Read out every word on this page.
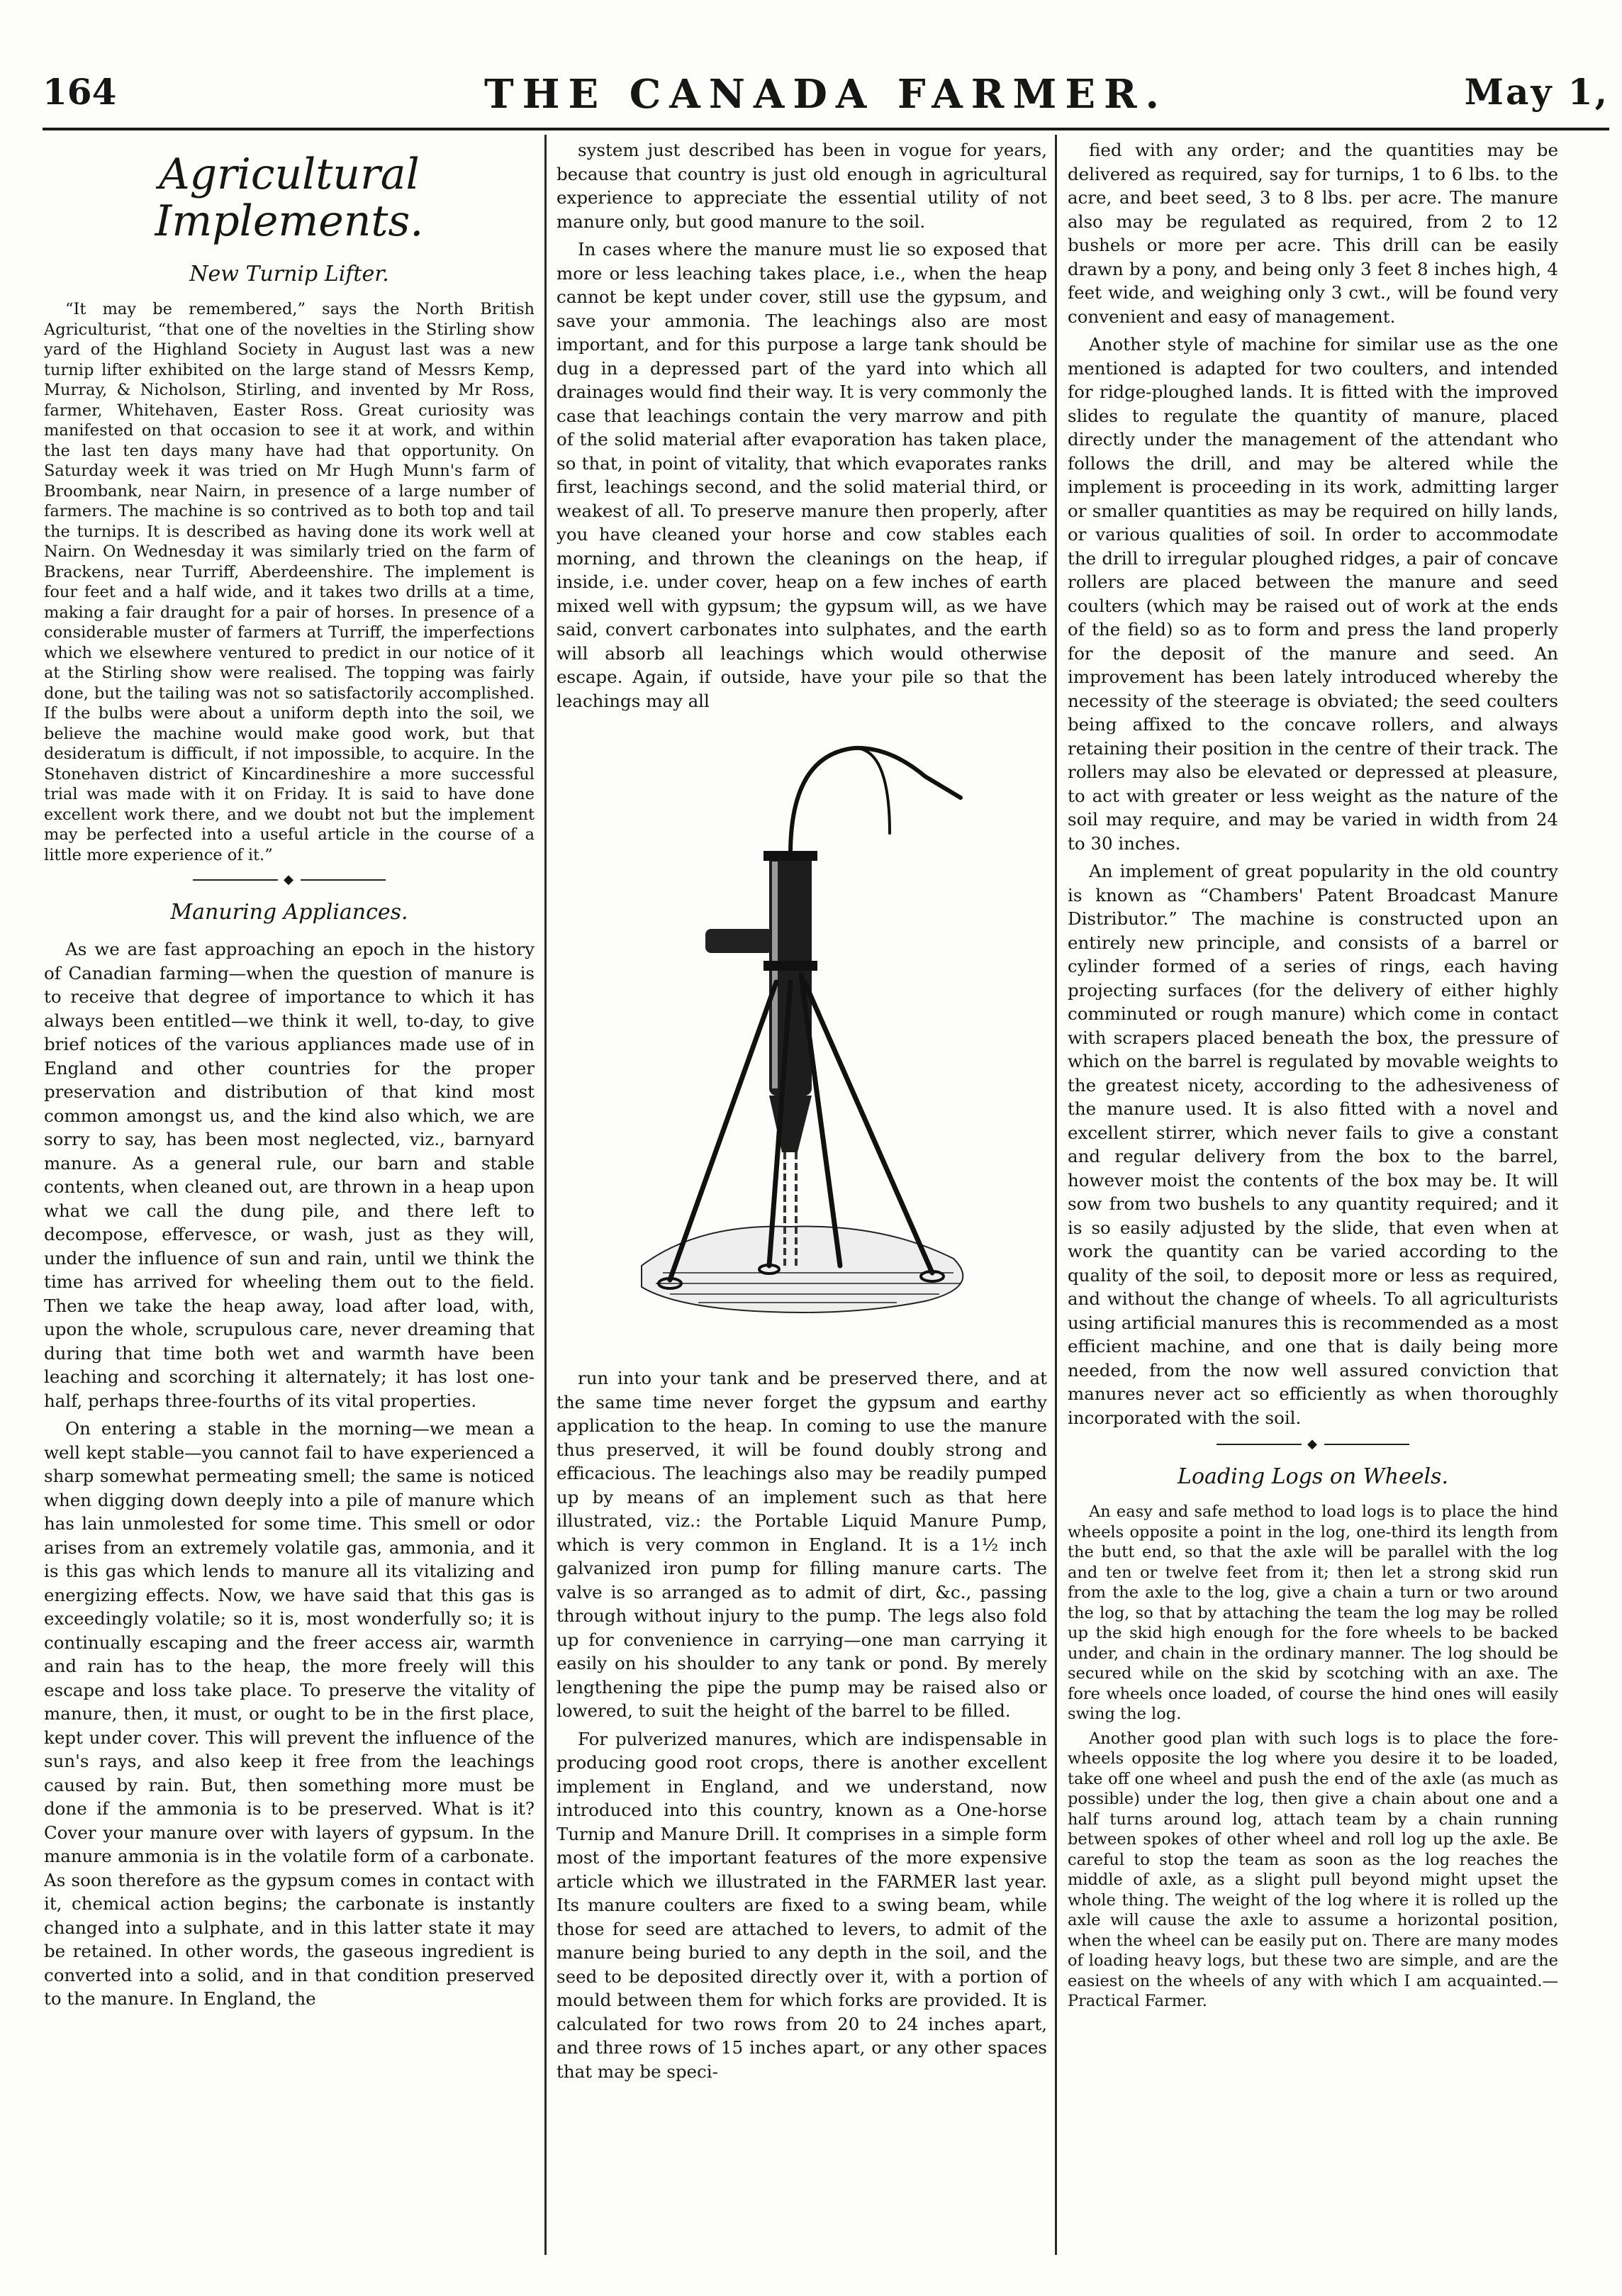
164	THE CANADA FARMER.	May 1,
Agricultural Implements.
New Turnip Lifter.

“It may be remembered,” says the North British Agriculturist, “that one of the novelties in the Stirling show yard of the Highland Society in August last was a new turnip lifter exhibited on the large stand of Messrs Kemp, Murray, & Nicholson, Stirling, and invented by Mr Ross, farmer, Whitehaven, Easter Ross. Great curiosity was manifested on that occasion to see it at work, and within the last ten days many have had that opportunity. On Saturday week it was tried on Mr Hugh Munn's farm of Broombank, near Nairn, in presence of a large number of farmers. The machine is so contrived as to both top and tail the turnips. It is described as having done its work well at Nairn. On Wednesday it was similarly tried on the farm of Brackens, near Turriff, Aberdeenshire. The implement is four feet and a half wide, and it takes two drills at a time, making a fair draught for a pair of horses. In presence of a considerable muster of farmers at Turriff, the imperfections which we elsewhere ventured to predict in our notice of it at the Stirling show were realised. The topping was fairly done, but the tailing was not so satisfactorily accomplished. If the bulbs were about a uniform depth into the soil, we believe the machine would make good work, but that desideratum is difficult, if not impossible, to acquire. In the Stonehaven district of Kincardineshire a more successful trial was made with it on Friday. It is said to have done excellent work there, and we doubt not but the implement may be perfected into a useful article in the course of a little more experience of it.”

◆
Manuring Appliances.

As we are fast approaching an epoch in the history of Canadian farming—when the question of manure is to receive that degree of importance to which it has always been entitled—we think it well, to-day, to give brief notices of the various appliances made use of in England and other countries for the proper preservation and distribution of that kind most common amongst us, and the kind also which, we are sorry to say, has been most neglected, viz., barnyard manure. As a general rule, our barn and stable contents, when cleaned out, are thrown in a heap upon what we call the dung pile, and there left to decompose, effervesce, or wash, just as they will, under the influence of sun and rain, until we think the time has arrived for wheeling them out to the field. Then we take the heap away, load after load, with, upon the whole, scrupulous care, never dreaming that during that time both wet and warmth have been leaching and scorching it alternately; it has lost one-half, perhaps three-fourths of its vital properties.

On entering a stable in the morning—we mean a well kept stable—you cannot fail to have experienced a sharp somewhat permeating smell; the same is noticed when digging down deeply into a pile of manure which has lain unmolested for some time. This smell or odor arises from an extremely volatile gas, ammonia, and it is this gas which lends to manure all its vitalizing and energizing effects. Now, we have said that this gas is exceedingly volatile; so it is, most wonderfully so; it is continually escaping and the freer access air, warmth and rain has to the heap, the more freely will this escape and loss take place. To preserve the vitality of manure, then, it must, or ought to be in the first place, kept under cover. This will prevent the influence of the sun's rays, and also keep it free from the leachings caused by rain. But, then something more must be done if the ammonia is to be preserved. What is it? Cover your manure over with layers of gypsum. In the manure ammonia is in the volatile form of a carbonate. As soon therefore as the gypsum comes in contact with it, chemical action begins; the carbonate is instantly changed into a sulphate, and in this latter state it may be retained. In other words, the gaseous ingredient is converted into a solid, and in that condition preserved to the manure. In England, the

system just described has been in vogue for years, because that country is just old enough in agricultural experience to appreciate the essential utility of not manure only, but good manure to the soil.

In cases where the manure must lie so exposed that more or less leaching takes place, i.e., when the heap cannot be kept under cover, still use the gypsum, and save your ammonia. The leachings also are most important, and for this purpose a large tank should be dug in a depressed part of the yard into which all drainages would find their way. It is very commonly the case that leachings contain the very marrow and pith of the solid material after evaporation has taken place, so that, in point of vitality, that which evaporates ranks first, leachings second, and the solid material third, or weakest of all. To preserve manure then properly, after you have cleaned your horse and cow stables each morning, and thrown the cleanings on the heap, if inside, i.e. under cover, heap on a few inches of earth mixed well with gypsum; the gypsum will, as we have said, convert carbonates into sulphates, and the earth will absorb all leachings which would otherwise escape. Again, if outside, have your pile so that the leachings may all

run into your tank and be preserved there, and at the same time never forget the gypsum and earthy application to the heap. In coming to use the manure thus preserved, it will be found doubly strong and efficacious. The leachings also may be readily pumped up by means of an implement such as that here illustrated, viz.: the Portable Liquid Manure Pump, which is very common in England. It is a 1½ inch galvanized iron pump for filling manure carts. The valve is so arranged as to admit of dirt, &c., passing through without injury to the pump. The legs also fold up for convenience in carrying—one man carrying it easily on his shoulder to any tank or pond. By merely lengthening the pipe the pump may be raised also or lowered, to suit the height of the barrel to be filled.

For pulverized manures, which are indispensable in producing good root crops, there is another excellent implement in England, and we understand, now introduced into this country, known as a One-horse Turnip and Manure Drill. It comprises in a simple form most of the important features of the more expensive article which we illustrated in the FARMER last year. Its manure coulters are fixed to a swing beam, while those for seed are attached to levers, to admit of the manure being buried to any depth in the soil, and the seed to be deposited directly over it, with a portion of mould between them for which forks are provided. It is calculated for two rows from 20 to 24 inches apart, and three rows of 15 inches apart, or any other spaces that may be speci-

fied with any order; and the quantities may be delivered as required, say for turnips, 1 to 6 lbs. to the acre, and beet seed, 3 to 8 lbs. per acre. The manure also may be regulated as required, from 2 to 12 bushels or more per acre. This drill can be easily drawn by a pony, and being only 3 feet 8 inches high, 4 feet wide, and weighing only 3 cwt., will be found very convenient and easy of management.

Another style of machine for similar use as the one mentioned is adapted for two coulters, and intended for ridge-ploughed lands. It is fitted with the improved slides to regulate the quantity of manure, placed directly under the management of the attendant who follows the drill, and may be altered while the implement is proceeding in its work, admitting larger or smaller quantities as may be required on hilly lands, or various qualities of soil. In order to accommodate the drill to irregular ploughed ridges, a pair of concave rollers are placed between the manure and seed coulters (which may be raised out of work at the ends of the field) so as to form and press the land properly for the deposit of the manure and seed. An improvement has been lately introduced whereby the necessity of the steerage is obviated; the seed coulters being affixed to the concave rollers, and always retaining their position in the centre of their track. The rollers may also be elevated or depressed at pleasure, to act with greater or less weight as the nature of the soil may require, and may be varied in width from 24 to 30 inches.

An implement of great popularity in the old country is known as “Chambers' Patent Broadcast Manure Distributor.” The machine is constructed upon an entirely new principle, and consists of a barrel or cylinder formed of a series of rings, each having projecting surfaces (for the delivery of either highly comminuted or rough manure) which come in contact with scrapers placed beneath the box, the pressure of which on the barrel is regulated by movable weights to the greatest nicety, according to the adhesiveness of the manure used. It is also fitted with a novel and excellent stirrer, which never fails to give a constant and regular delivery from the box to the barrel, however moist the contents of the box may be. It will sow from two bushels to any quantity required; and it is so easily adjusted by the slide, that even when at work the quantity can be varied according to the quality of the soil, to deposit more or less as required, and without the change of wheels. To all agriculturists using artificial manures this is recommended as a most efficient machine, and one that is daily being more needed, from the now well assured conviction that manures never act so efficiently as when thoroughly incorporated with the soil.

◆
Loading Logs on Wheels.

An easy and safe method to load logs is to place the hind wheels opposite a point in the log, one-third its length from the butt end, so that the axle will be parallel with the log and ten or twelve feet from it; then let a strong skid run from the axle to the log, give a chain a turn or two around the log, so that by attaching the team the log may be rolled up the skid high enough for the fore wheels to be backed under, and chain in the ordinary manner. The log should be secured while on the skid by scotching with an axe. The fore wheels once loaded, of course the hind ones will easily swing the log.

Another good plan with such logs is to place the fore-wheels opposite the log where you desire it to be loaded, take off one wheel and push the end of the axle (as much as possible) under the log, then give a chain about one and a half turns around log, attach team by a chain running between spokes of other wheel and roll log up the axle. Be careful to stop the team as soon as the log reaches the middle of axle, as a slight pull beyond might upset the whole thing. The weight of the log where it is rolled up the axle will cause the axle to assume a horizontal position, when the wheel can be easily put on. There are many modes of loading heavy logs, but these two are simple, and are the easiest on the wheels of any with which I am acquainted.—Practical Farmer.
